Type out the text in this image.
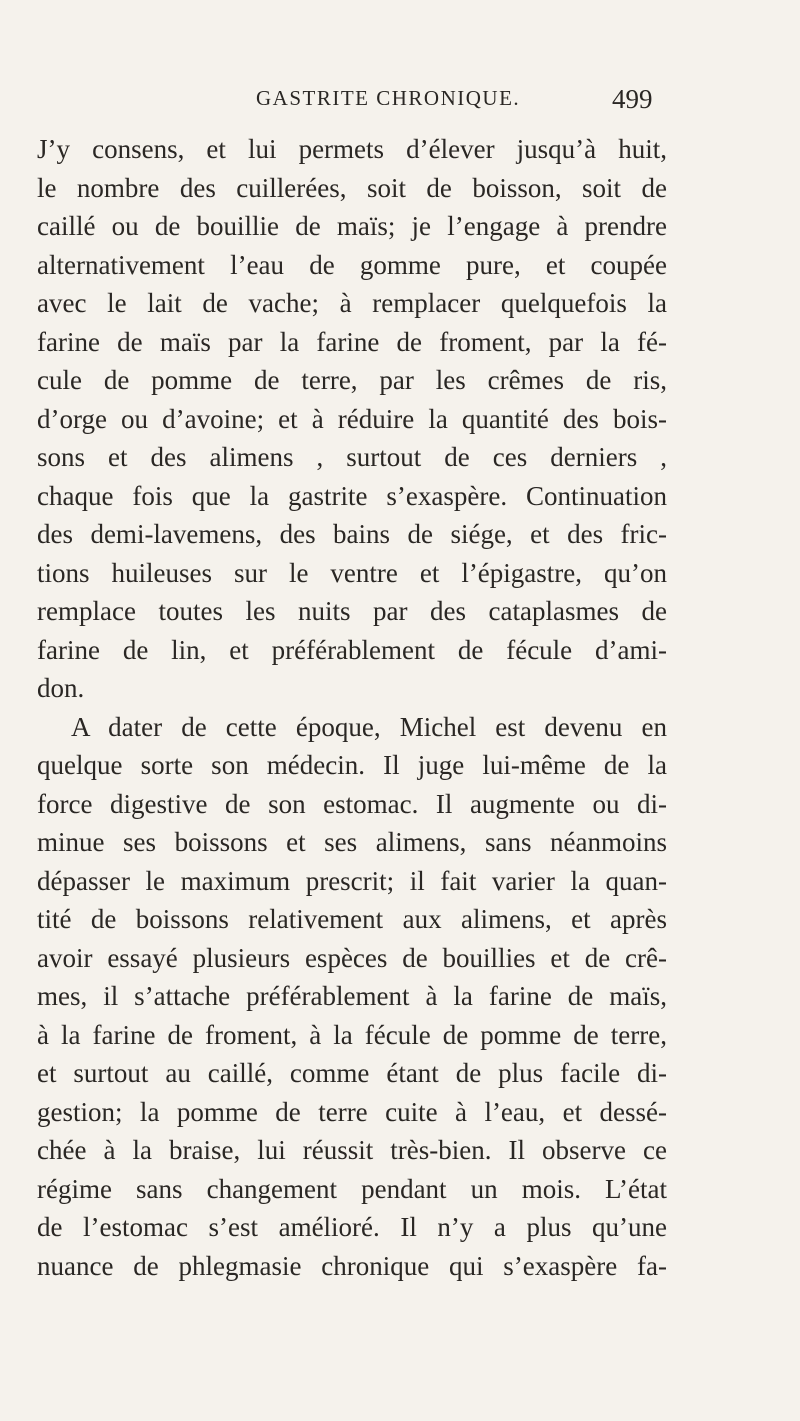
GASTRITE CHRONIQUE.	499
J’y consens, et lui permets d’élever jusqu’à huit,
le nombre des cuillerées, soit de boisson, soit de
caillé ou de bouillie de maïs; je l’engage à prendre
alternativement l’eau de gomme pure, et coupée
avec le lait de vache; à remplacer quelquefois la
farine de maïs par la farine de froment, par la fé-
cule de pomme de terre, par les crêmes de ris,
d’orge ou d’avoine; et à réduire la quantité des bois-
sons et des alimens , surtout de ces derniers ,
chaque fois que la gastrite s’exaspère. Continuation
des demi-lavemens, des bains de siége, et des fric-
tions huileuses sur le ventre et l’épigastre, qu’on
remplace toutes les nuits par des cataplasmes de
farine de lin, et préférablement de fécule d’ami-
don.
A dater de cette époque, Michel est devenu en
quelque sorte son médecin. Il juge lui-même de la
force digestive de son estomac. Il augmente ou di-
minue ses boissons et ses alimens, sans néanmoins
dépasser le maximum prescrit; il fait varier la quan-
tité de boissons relativement aux alimens, et après
avoir essayé plusieurs espèces de bouillies et de crê-
mes, il s’attache préférablement à la farine de maïs,
à la farine de froment, à la fécule de pomme de terre,
et surtout au caillé, comme étant de plus facile di-
gestion; la pomme de terre cuite à l’eau, et dessé-
chée à la braise, lui réussit très-bien. Il observe ce
régime sans changement pendant un mois. L’état
de l’estomac s’est amélioré. Il n’y a plus qu’une
nuance de phlegmasie chronique qui s’exaspère fa-
